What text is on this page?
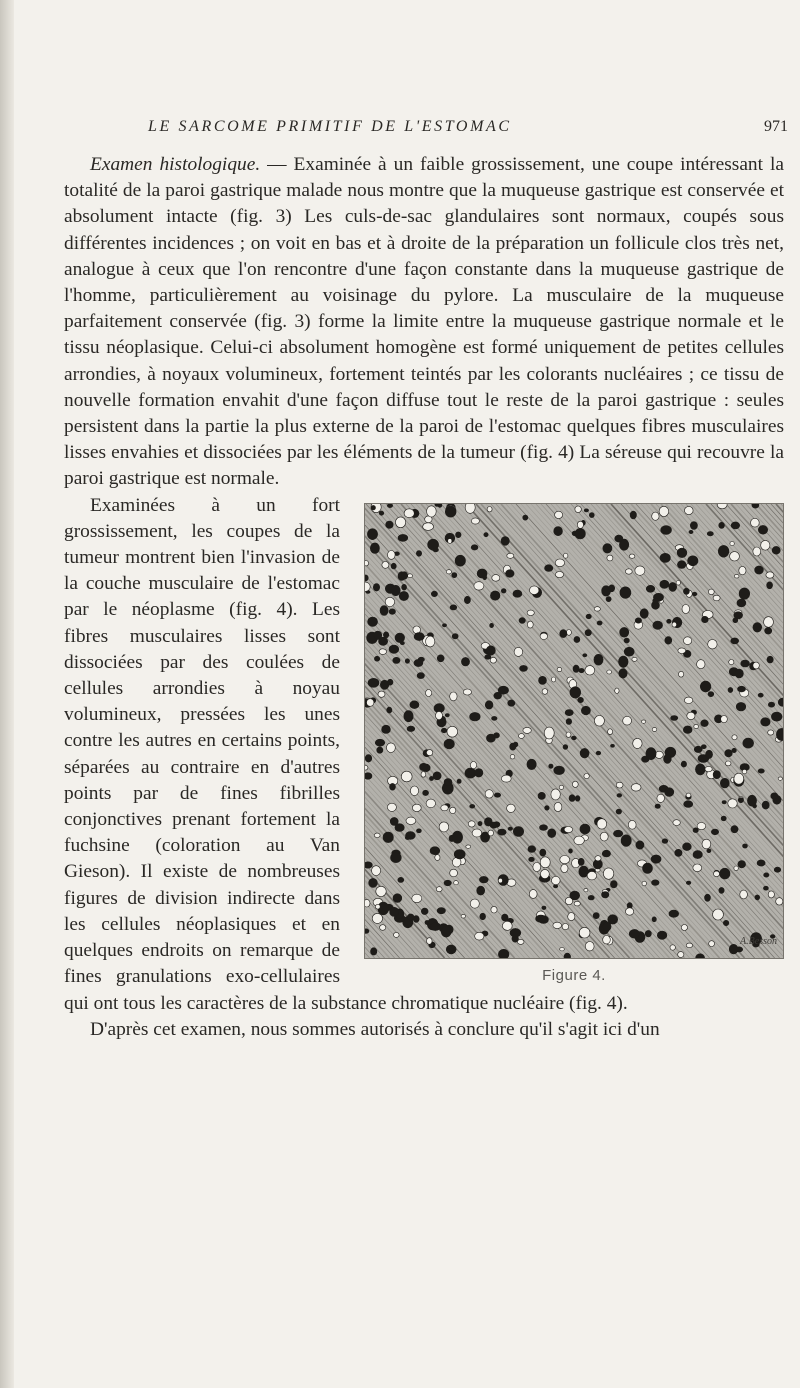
LE SARCOME PRIMITIF DE L'ESTOMAC	971

Examen histologique. — Examinée à un faible grossissement, une coupe intéressant la totalité de la paroi gastrique malade nous montre que la muqueuse gastrique est conservée et absolument intacte (fig. 3) Les culs-de-sac glandulaires sont normaux, coupés sous différentes incidences ; on voit en bas et à droite de la préparation un follicule clos très net, analogue à ceux que l'on rencontre d'une façon constante dans la muqueuse gastrique de l'homme, particulièrement au voisinage du pylore. La musculaire de la muqueuse parfaitement conservée (fig. 3) forme la limite entre la muqueuse gastrique normale et le tissu néoplasique. Celui-ci absolument homogène est formé uniquement de petites cellules arrondies, à noyaux volumineux, fortement teintés par les colorants nucléaires ; ce tissu de nouvelle formation envahit d'une façon diffuse tout le reste de la paroi gastrique : seules persistent dans la partie la plus externe de la paroi de l'estomac quelques fibres musculaires lisses envahies et dissociées par les éléments de la tumeur (fig. 4) La séreuse qui recouvre la paroi gastrique est normale.

A.Besson
Figure 4.

Examinées à un fort grossissement, les coupes de la tumeur montrent bien l'invasion de la couche musculaire de l'estomac par le néoplasme (fig. 4). Les fibres musculaires lisses sont dissociées par des coulées de cellules arrondies à noyau volumineux, pressées les unes contre les autres en certains points, séparées au contraire en d'autres points par de fines fibrilles conjonctives prenant fortement la fuchsine (coloration au Van Gieson). Il existe de nombreuses figures de division indirecte dans les cellules néoplasiques et en quelques endroits on remarque de fines granulations exo-cellulaires qui ont tous les caractères de la substance chromatique nucléaire (fig. 4).

D'après cet examen, nous sommes autorisés à conclure qu'il s'agit ici d'un
